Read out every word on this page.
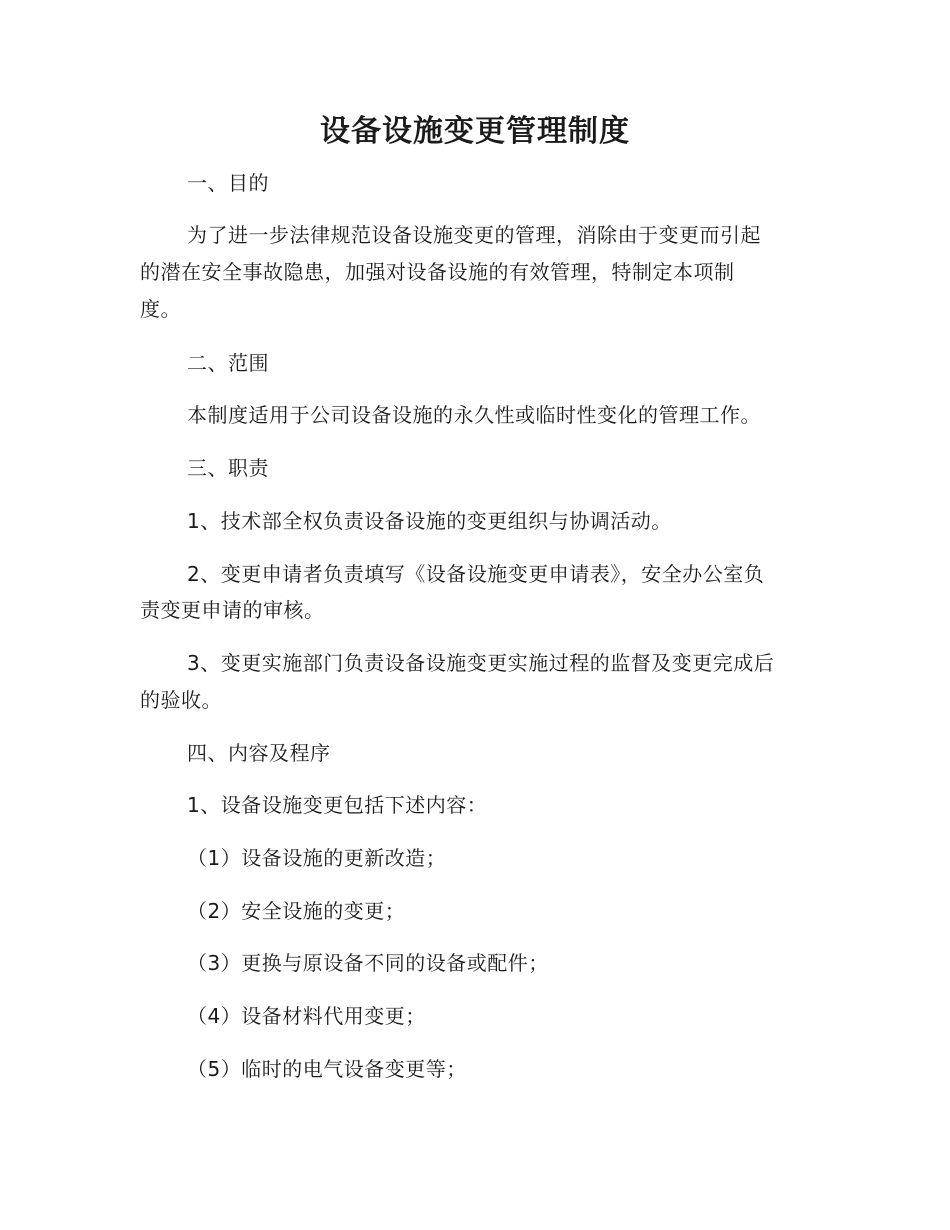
设备设施变更管理制度
一、目的
为了进一步法律规范设备设施变更的管理，消除由于变更而引起
的潜在安全事故隐患，加强对设备设施的有效管理，特制定本项制
度。
二、范围
本制度适用于公司设备设施的永久性或临时性变化的管理工作。
三、职责
1、技术部全权负责设备设施的变更组织与协调活动。
2、变更申请者负责填写《设备设施变更申请表》，安全办公室负
责变更申请的审核。
3、变更实施部门负责设备设施变更实施过程的监督及变更完成后
的验收。
四、内容及程序
1、设备设施变更包括下述内容：
（1）设备设施的更新改造；
（2）安全设施的变更；
（3）更换与原设备不同的设备或配件；
（4）设备材料代用变更；
（5）临时的电气设备变更等；
